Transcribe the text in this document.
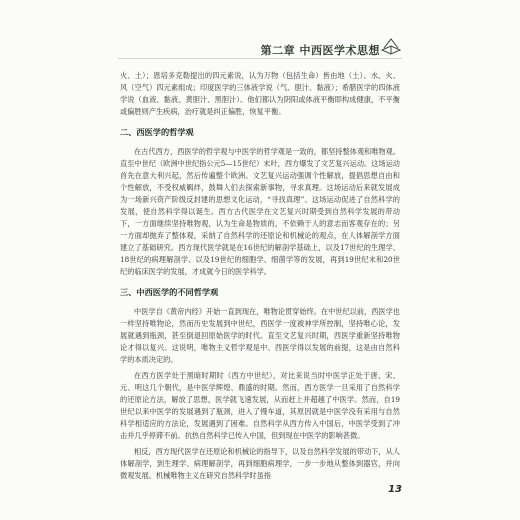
第二章 中西医学术思想

火、土）；恩培多克勒提出的四元素说，认为万物（包括生命）皆由地（土）、水、火、风（空气）四元素组成；印度医学的三体液学说（气、胆汁、黏液）；希腊医学的四体液学说（血液、黏液、黄胆汁、黑胆汁）。他们都认为阴阳或体液平衡即构成健康，不平衡或偏胜则产生疾病，治疗就是纠正偏胜，恢复平衡。

二、西医学的哲学观

在古代西方，西医学的哲学观与中医学的哲学观是一致的，都坚持整体观和唯物观。直至中世纪（欧洲中世纪指公元5—15世纪）末叶，西方爆发了文艺复兴运动。这场运动首先在意大利兴起，然后传遍整个欧洲。文艺复兴运动强调个性解放，提倡思想自由和个性解放，不受权威羁绊，鼓舞人们去探索新事物，寻求真理。这场运动后来就发展成为一场新兴资产阶级反封建的思想文化运动，“寻找真理”。这场运动促进了自然科学的发展，使自然科学得以诞生。西方古代医学在文艺复兴时期受到自然科学发展的带动下，一方面继续坚持唯物观，认为生命是物质的，不依赖于人的意志而客观存在的；另一方面却抛弃了整体观，采纳了自然科学的还原论和机械论的观点，在人体解剖学方面建立了基础研究。西方现代医学就是在16世纪的解剖学基础上，以及17世纪的生理学、18世纪的病理解剖学、以及19世纪的细胞学、细菌学等的发展，再到19世纪末和20世纪的临床医学的发展，才成就今日的医学科学。

三、中西医学的不同哲学观

中医学自《黄帝内经》开始一直到现在，唯物论贯穿始终。在中世纪以前，西医学也一样坚持唯物论，然而历史发展到中世纪，西医学一度被神学所控制，坚持唯心论，发展就遇到瓶颈，甚至倒退回原始医学的时代。直至文艺复兴时期，西医学重新坚持唯物论才得以复兴。这说明，唯物主义哲学观是中、西医学得以发展的前提，这是由自然科学的本质决定的。

在西方医学处于黑暗时期时（西方中世纪），对比来说当时中医学正处于唐、宋、元、明这几个朝代，是中医学辉煌、鼎盛的时期。然而，西方医学一旦采用了自然科学的还原论方法，解放了思想，医学就飞速发展，从而赶上并超越了中医学。然而，自19世纪以来中医学的发展遇到了瓶颈，进入了慢车道，其原因就是中医学没有采用与自然科学相适应的方法论，发展遇到了困难。自然科学从西方传入中国后，中医学受到了冲击并几乎停滞不前。抗热自然科学已传入中国，但到现在中医学的影响甚微。

相反，西方现代医学在还原论和机械论的指导下，以及自然科学发展的带动下，从人体解剖学，到生理学、病理解剖学，再到细胞病理学，一步一步地从整体到器官，并向微观发展。机械唯物主义在研究自然科学时虽指

13
